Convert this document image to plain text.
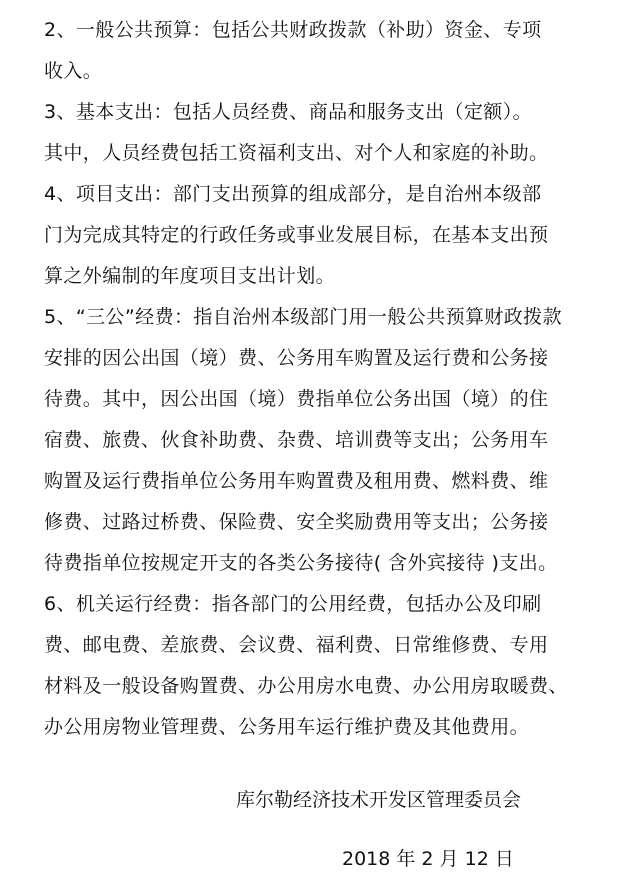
2、一般公共预算：包括公共财政拨款（补助）资金、专项
收入。
3、基本支出：包括人员经费、商品和服务支出（定额）。
其中，人员经费包括工资福利支出、对个人和家庭的补助。
4、项目支出：部门支出预算的组成部分，是自治州本级部
门为完成其特定的行政任务或事业发展目标，在基本支出预
算之外编制的年度项目支出计划。
5、“三公”经费：指自治州本级部门用一般公共预算财政拨款
安排的因公出国（境）费、公务用车购置及运行费和公务接
待费。其中，因公出国（境）费指单位公务出国（境）的住
宿费、旅费、伙食补助费、杂费、培训费等支出；公务用车
购置及运行费指单位公务用车购置费及租用费、燃料费、维
修费、过路过桥费、保险费、安全奖励费用等支出；公务接
待费指单位按规定开支的各类公务接待( 含外宾接待 )支出。
6、机关运行经费：指各部门的公用经费，包括办公及印刷
费、邮电费、差旅费、会议费、福利费、日常维修费、专用
材料及一般设备购置费、办公用房水电费、办公用房取暖费、
办公用房物业管理费、公务用车运行维护费及其他费用。
库尔勒经济技术开发区管理委员会
2018 年 2 月 12 日
